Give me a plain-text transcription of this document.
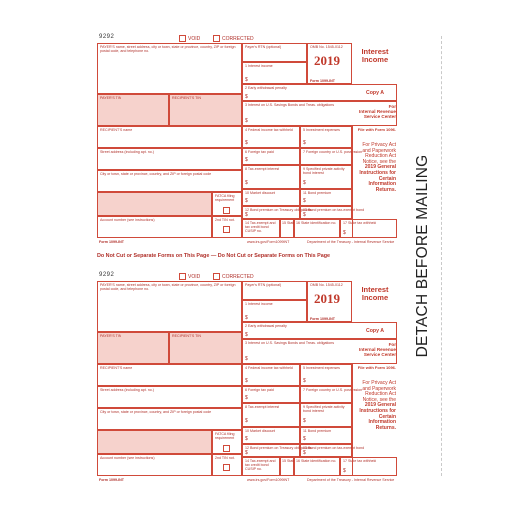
9292	VOID	CORRECTED
PAYER'S name, street address, city or town, state or province, country, ZIP or foreign postal code, and telephone no.
PAYER'S TIN	RECIPIENT'S TIN
RECIPIENT'S name
Street address (including apt. no.)
City or town, state or province, country, and ZIP or foreign postal code
FATCA filing requirement
Account number (see instructions)	2nd TIN not.
Payer's RTN (optional)
1 Interest income
$
2 Early withdrawal penalty
$
3 Interest on U.S. Savings Bonds and Treas. obligations
$
4 Federal income tax withheld
$
5 Investment expenses
$
6 Foreign tax paid
$
7 Foreign country or U.S. possession
8 Tax-exempt interest
$
9 Specified private activity bond interest
$
10 Market discount
$
11 Bond premium
$
12 Bond premium on Treasury obligations
$
13 Bond premium on tax-exempt bond
$
14 Tax-exempt and tax credit bond CUSIP no.
15 State 16 State identification no. 17 State tax withheld
$
OMB No. 1545-0112
2019
Form 1099-INT
Interest
Income
Copy A
For
Internal Revenue
Service Center
File with Form 1096.
For Privacy Act
and Paperwork
Reduction Act
Notice, see the
2019 General
Instructions for
Certain
Information
Returns.
Form 1099-INT	www.irs.gov/Form1099INT	Department of the Treasury - Internal Revenue Service
Do Not Cut or Separate Forms on This Page — Do Not Cut or Separate Forms on This Page
9292	VOID	CORRECTED
PAYER'S name, street address, city or town, state or province, country, ZIP or foreign postal code, and telephone no.
PAYER'S TIN	RECIPIENT'S TIN
RECIPIENT'S name
Street address (including apt. no.)
City or town, state or province, country, and ZIP or foreign postal code
FATCA filing requirement
Account number (see instructions)	2nd TIN not.
Payer's RTN (optional)
1 Interest income
$
2 Early withdrawal penalty
$
3 Interest on U.S. Savings Bonds and Treas. obligations
$
4 Federal income tax withheld
$
5 Investment expenses
$
6 Foreign tax paid
$
7 Foreign country or U.S. possession
8 Tax-exempt interest
$
9 Specified private activity bond interest
$
10 Market discount
$
11 Bond premium
$
12 Bond premium on Treasury obligations
$
13 Bond premium on tax-exempt bond
$
14 Tax-exempt and tax credit bond CUSIP no.
15 State 16 State identification no. 17 State tax withheld
$
OMB No. 1545-0112
2019
Form 1099-INT
Interest
Income
Copy A
For
Internal Revenue
Service Center
File with Form 1096.
For Privacy Act
and Paperwork
Reduction Act
Notice, see the
2019 General
Instructions for
Certain
Information
Returns.
Form 1099-INT	www.irs.gov/Form1099INT	Department of the Treasury - Internal Revenue Service
DETACH BEFORE MAILING
